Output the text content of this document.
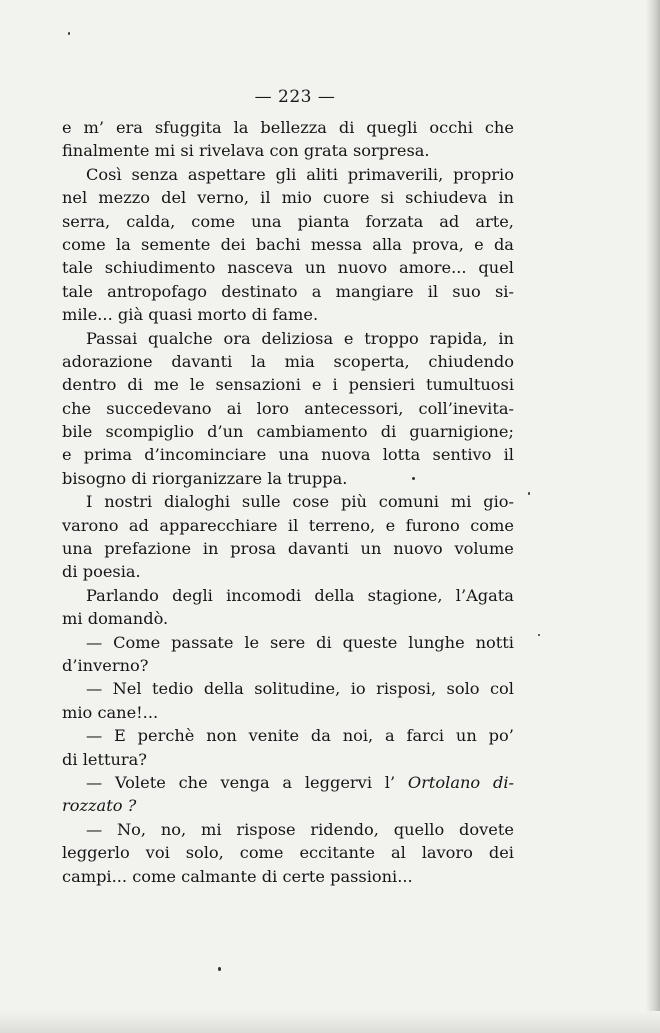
— 223 —
e m’ era sfuggita la bellezza di quegli occhi che
finalmente mi si rivelava con grata sorpresa.
Così senza aspettare gli aliti primaverili, proprio
nel mezzo del verno, il mio cuore si schiudeva in
serra, calda, come una pianta forzata ad arte,
come la semente dei bachi messa alla prova, e da
tale schiudimento nasceva un nuovo amore... quel
tale antropofago destinato a mangiare il suo si-
mile... già quasi morto di fame.
Passai qualche ora deliziosa e troppo rapida, in
adorazione davanti la mia scoperta, chiudendo
dentro di me le sensazioni e i pensieri tumultuosi
che succedevano ai loro antecessori, coll’inevita-
bile scompiglio d’un cambiamento di guarnigione;
e prima d’incominciare una nuova lotta sentivo il
bisogno di riorganizzare la truppa.
I nostri dialoghi sulle cose più comuni mi gio-
varono ad apparecchiare il terreno, e furono come
una prefazione in prosa davanti un nuovo volume
di poesia.
Parlando degli incomodi della stagione, l’Agata
mi domandò.
— Come passate le sere di queste lunghe notti
d’inverno?
— Nel tedio della solitudine, io risposi, solo col
mio cane!...
— E perchè non venite da noi, a farci un po’
di lettura?
— Volete che venga a leggervi l’ Ortolano di-
rozzato ?
— No, no, mi rispose ridendo, quello dovete
leggerlo voi solo, come eccitante al lavoro dei
campi... come calmante di certe passioni...
